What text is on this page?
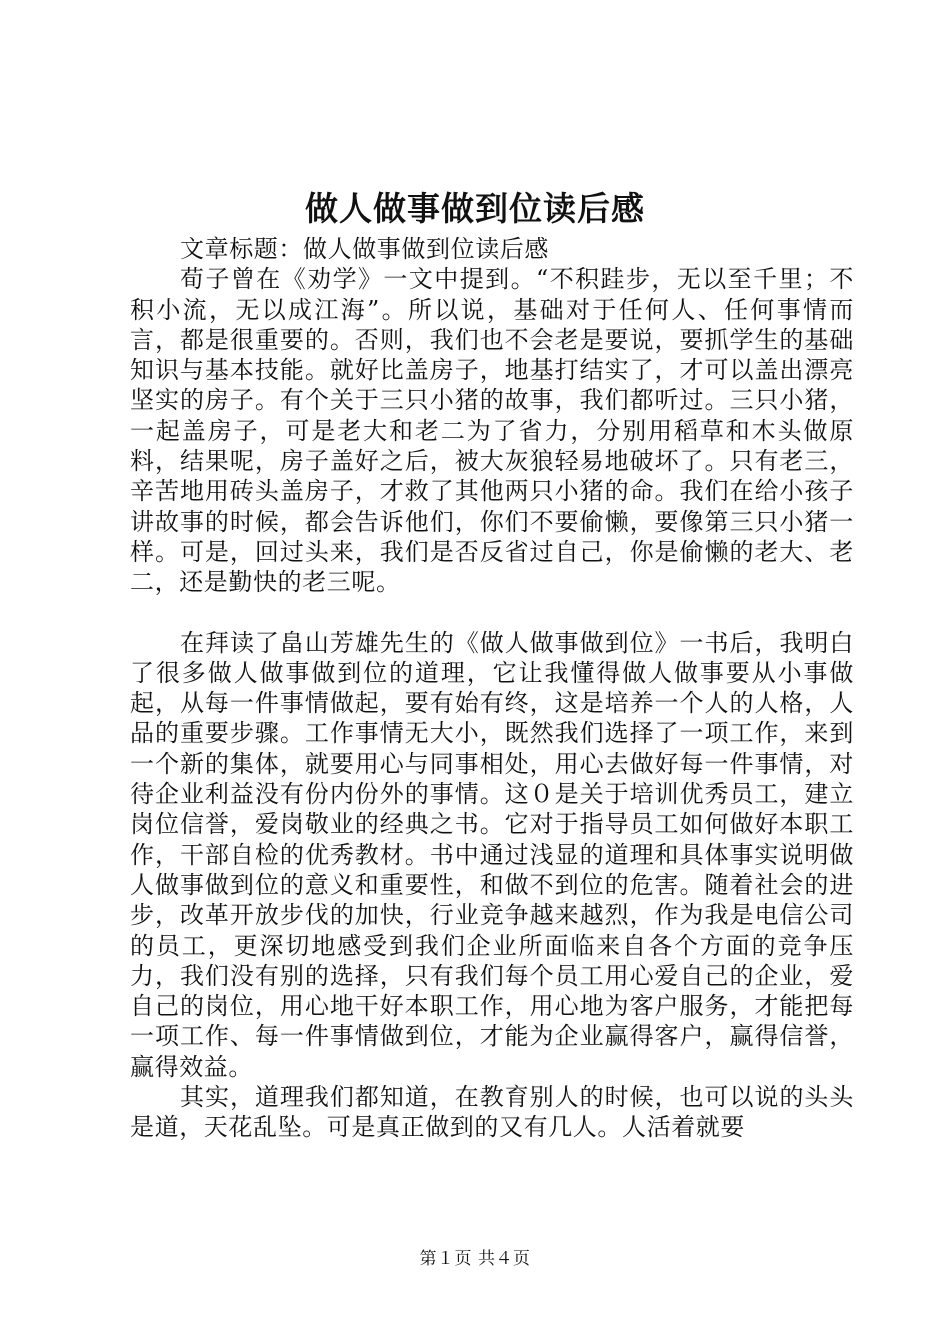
做人做事做到位读后感

文章标题：做人做事做到位读后感

荀子曾在《劝学》一文中提到。“不积跬步，无以至千里；不积小流，无以成江海”。所以说，基础对于任何人、任何事情而言，都是很重要的。否则，我们也不会老是要说，要抓学生的基础知识与基本技能。就好比盖房子，地基打结实了，才可以盖出漂亮坚实的房子。有个关于三只小猪的故事，我们都听过。三只小猪，一起盖房子，可是老大和老二为了省力，分别用稻草和木头做原料，结果呢，房子盖好之后，被大灰狼轻易地破坏了。只有老三，辛苦地用砖头盖房子，才救了其他两只小猪的命。我们在给小孩子讲故事的时候，都会告诉他们，你们不要偷懒，要像第三只小猪一样。可是，回过头来，我们是否反省过自己，你是偷懒的老大、老二，还是勤快的老三呢。

在拜读了畠山芳雄先生的《做人做事做到位》一书后，我明白了很多做人做事做到位的道理，它让我懂得做人做事要从小事做起，从每一件事情做起，要有始有终，这是培养一个人的人格，人品的重要步骤。工作事情无大小，既然我们选择了一项工作，来到一个新的集体，就要用心与同事相处，用心去做好每一件事情，对待企业利益没有份内份外的事情。这０是关于培训优秀员工，建立岗位信誉，爱岗敬业的经典之书。它对于指导员工如何做好本职工作，干部自检的优秀教材。书中通过浅显的道理和具体事实说明做人做事做到位的意义和重要性，和做不到位的危害。随着社会的进步，改革开放步伐的加快，行业竞争越来越烈，作为我是电信公司的员工，更深切地感受到我们企业所面临来自各个方面的竞争压力，我们没有别的选择，只有我们每个员工用心爱自己的企业，爱自己的岗位，用心地干好本职工作，用心地为客户服务，才能把每一项工作、每一件事情做到位，才能为企业赢得客户，赢得信誉，赢得效益。

其实，道理我们都知道，在教育别人的时候，也可以说的头头是道，天花乱坠。可是真正做到的又有几人。人活着就要

第１页 共４页
